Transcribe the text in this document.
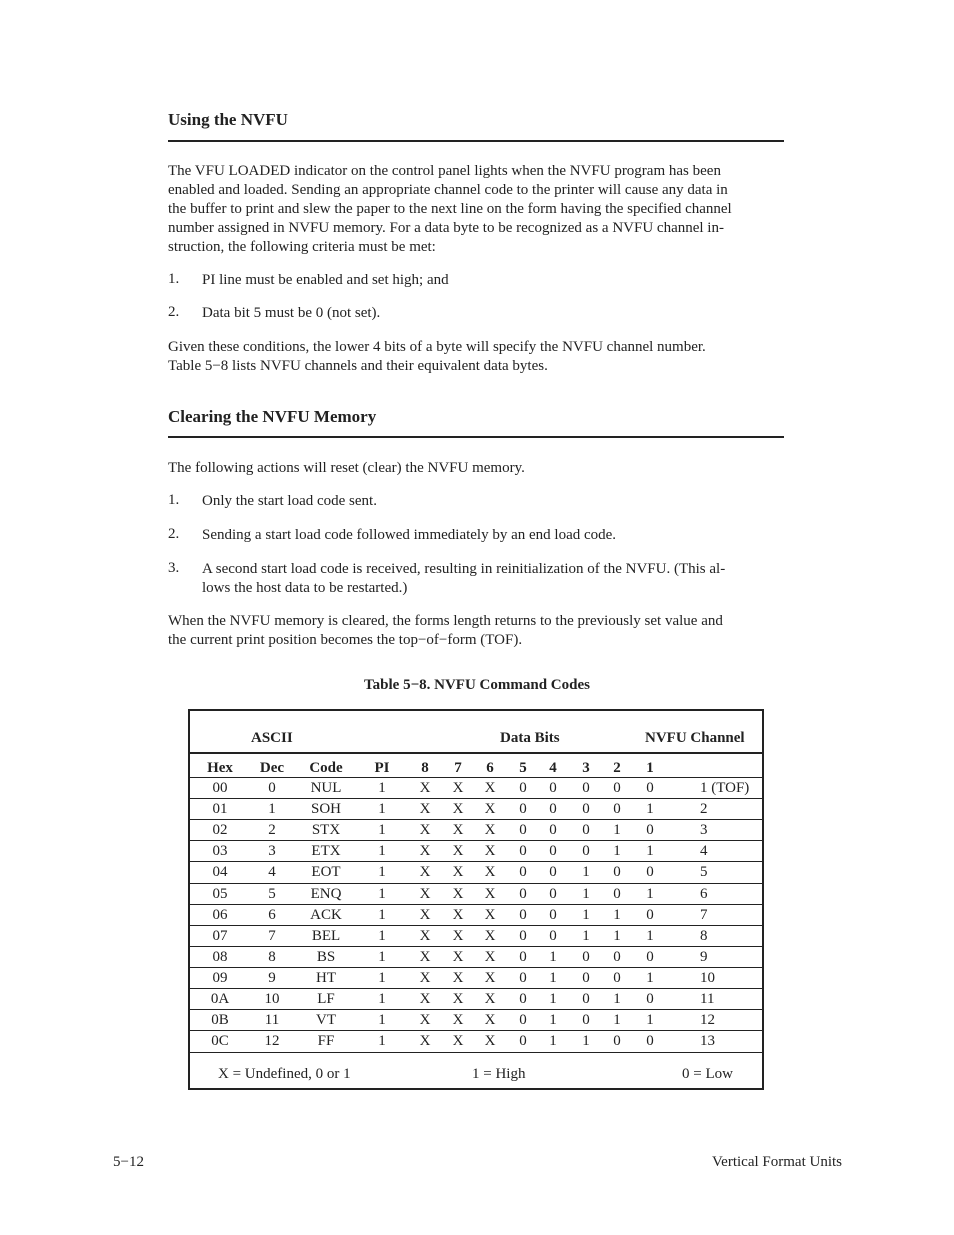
Using the NVFU
The VFU LOADED indicator on the control panel lights when the NVFU program has been
enabled and loaded. Sending an appropriate channel code to the printer will cause any data in
the buffer to print and slew the paper to the next line on the form having the specified channel
number assigned in NVFU memory. For a data byte to be recognized as a NVFU channel in-
struction, the following criteria must be met:
1. PI line must be enabled and set high; and
2. Data bit 5 must be 0 (not set).
Given these conditions, the lower 4 bits of a byte will specify the NVFU channel number.
Table 5−8 lists NVFU channels and their equivalent data bytes.
Clearing the NVFU Memory
The following actions will reset (clear) the NVFU memory.
1. Only the start load code sent.
2. Sending a start load code followed immediately by an end load code.
3. A second start load code is received, resulting in reinitialization of the NVFU. (This al-
lows the host data to be restarted.)
When the NVFU memory is cleared, the forms length returns to the previously set value and
the current print position becomes the top−of−form (TOF).
Table 5−8. NVFU Command Codes
ASCII	Data Bits	NVFU Channel
Hex Dec Code PI 8 7 6 5 4 3 2 1
00	0 NUL 1 X X X 0 0 0 0 0	1 (TOF)
01	1 SOH 1 X X X 0 0 0 0 1	2
02	2 STX	1 X X X 0 0 0 1 0	3
03	3 ETX	1 X X X 0 0 0 1 1	4
04	4 EOT	1 X X X 0 0 1 0 0	5
05	5 ENQ 1 X X X 0 0 1 0 1	6
06	6 ACK 1 X X X 0 0 1 1 0	7
07	7 BEL	1 X X X 0 0 1 1 1	8
08	8	BS	1 X X X 0 1 0 0 0	9
09	9	HT	1 X X X 0 1 0 0 1	10
0A 10	LF	1 X X X 0 1 0 1 0	11
0B 11 VT	1 X X X 0 1 0 1 1	12
0C 12	FF	1 X X X 0 1 1 0 0	13
X = Undefined, 0 or 1	1 = High	0 = Low
5−12	Vertical Format Units
